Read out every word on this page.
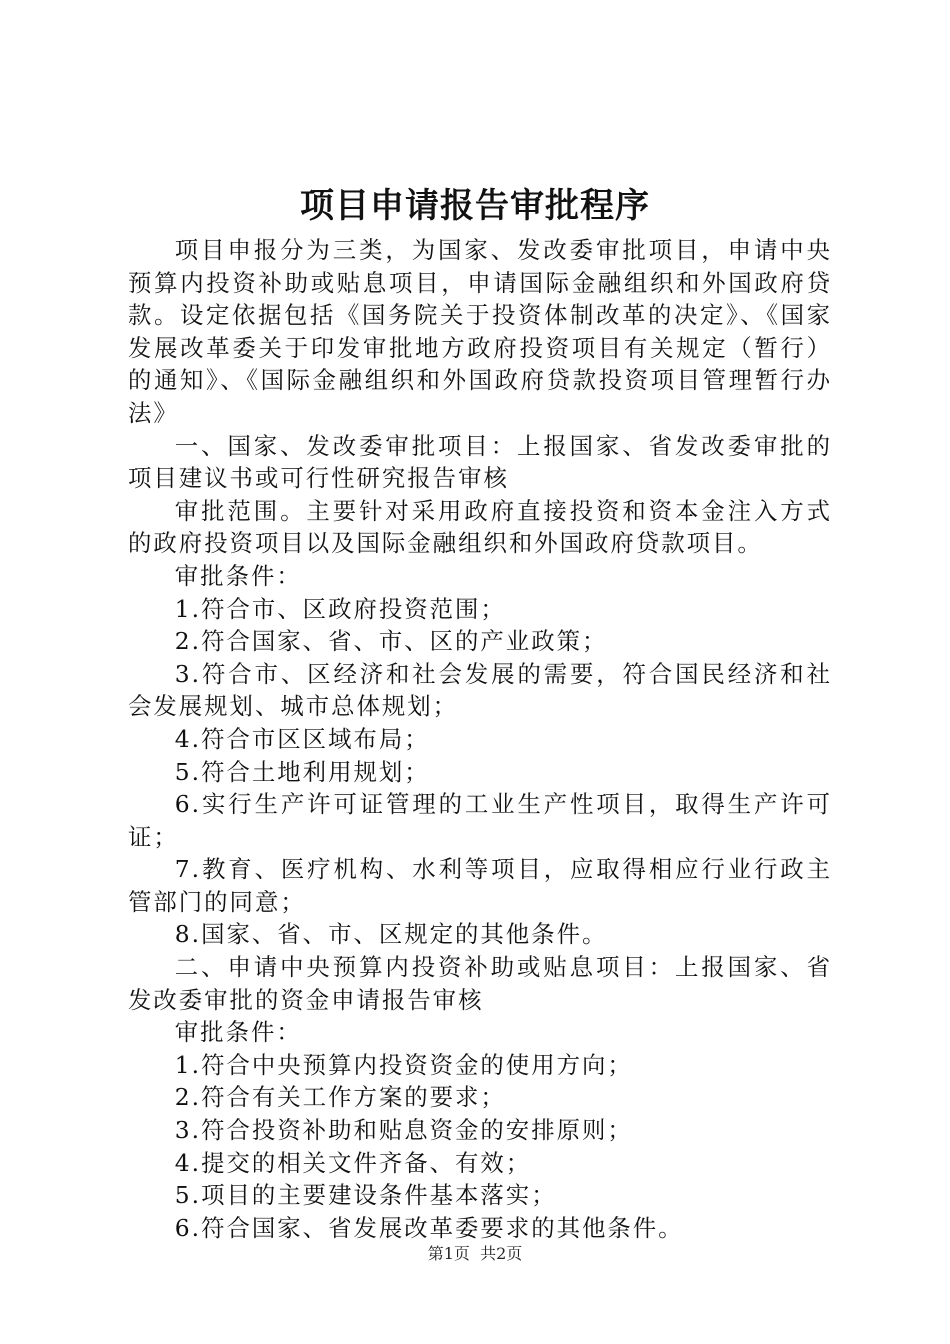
项目申请报告审批程序

项目申报分为三类，为国家、发改委审批项目，申请中央预算内投资补助或贴息项目，申请国际金融组织和外国政府贷款。设定依据包括《国务院关于投资体制改革的决定》、《国家发展改革委关于印发审批地方政府投资项目有关规定（暂行）的通知》、《国际金融组织和外国政府贷款投资项目管理暂行办法》

一、国家、发改委审批项目：上报国家、省发改委审批的项目建议书或可行性研究报告审核

审批范围。主要针对采用政府直接投资和资本金注入方式的政府投资项目以及国际金融组织和外国政府贷款项目。

审批条件：

1.符合市、区政府投资范围；

2.符合国家、省、市、区的产业政策；

3.符合市、区经济和社会发展的需要，符合国民经济和社会发展规划、城市总体规划；

4.符合市区区域布局；

5.符合土地利用规划；

6.实行生产许可证管理的工业生产性项目，取得生产许可证；

7.教育、医疗机构、水利等项目，应取得相应行业行政主管部门的同意；

8.国家、省、市、区规定的其他条件。

二、申请中央预算内投资补助或贴息项目：上报国家、省发改委审批的资金申请报告审核

审批条件：

1.符合中央预算内投资资金的使用方向；

2.符合有关工作方案的要求；

3.符合投资补助和贴息资金的安排原则；

4.提交的相关文件齐备、有效；

5.项目的主要建设条件基本落实；

6.符合国家、省发展改革委要求的其他条件。

第1页 共2页
